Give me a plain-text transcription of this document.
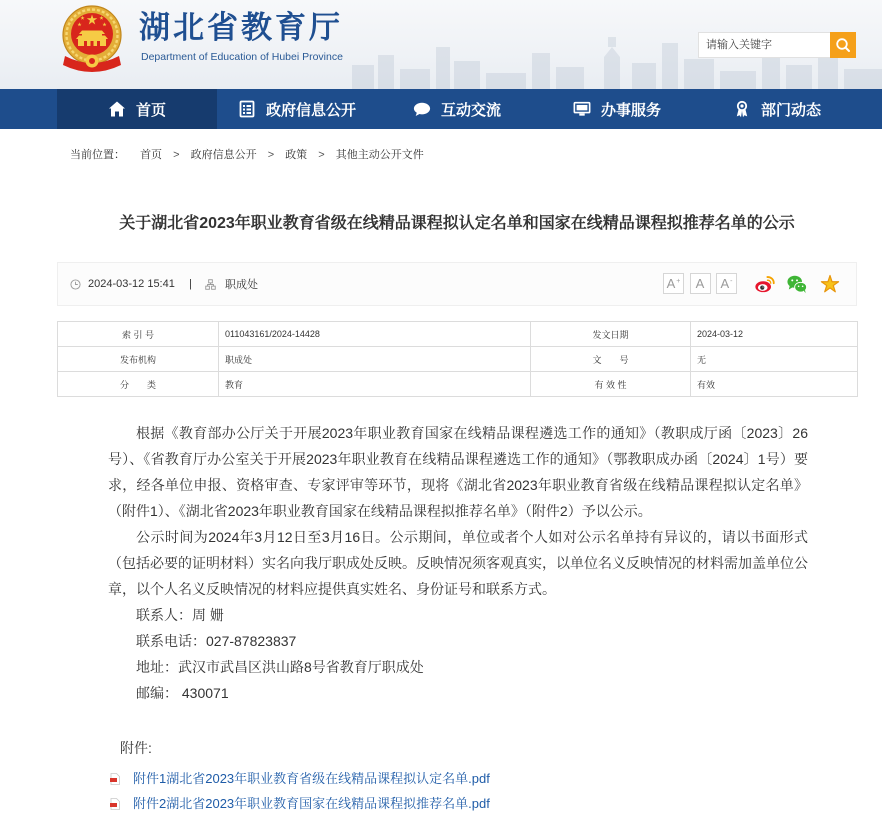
湖北省教育厅
Department of Education of Hubei Province
请输入关键字
首页	政府信息公开	互动交流	办事服务	部门动态
当前位置： 首页 > 政府信息公开 > 政策 > 其他主动公开文件
关于湖北省2023年职业教育省级在线精品课程拟认定名单和国家在线精品课程拟推荐名单的公示
2024-03-12 15:41 |	职成处	A+ A A-
索 引 号	011043161/2024-14428	发文日期	2024-03-12
发布机构	职成处	文　　号	无
分　　类	教育	有 效 性	有效

根据《教育部办公厅关于开展2023年职业教育国家在线精品课程遴选工作的通知》（教职成厅函〔2023〕26号）、《省教育厅办公室关于开展2023年职业教育在线精品课程遴选工作的通知》（鄂教职成办函〔2024〕1号）要求，经各单位申报、资格审查、专家评审等环节，现将《湖北省2023年职业教育省级在线精品课程拟认定名单》（附件1）、《湖北省2023年职业教育国家在线精品课程拟推荐名单》（附件2）予以公示。

公示时间为2024年3月12日至3月16日。公示期间，单位或者个人如对公示名单持有异议的，请以书面形式（包括必要的证明材料）实名向我厅职成处反映。反映情况须客观真实，以单位名义反映情况的材料需加盖单位公章，以个人名义反映情况的材料应提供真实姓名、身份证号和联系方式。

联系人：周 姗

联系电话：027-87823837

地址：武汉市武昌区洪山路8号省教育厅职成处

邮编： 430071

附件:
附件1湖北省2023年职业教育省级在线精品课程拟认定名单.pdf
附件2湖北省2023年职业教育国家在线精品课程拟推荐名单.pdf
